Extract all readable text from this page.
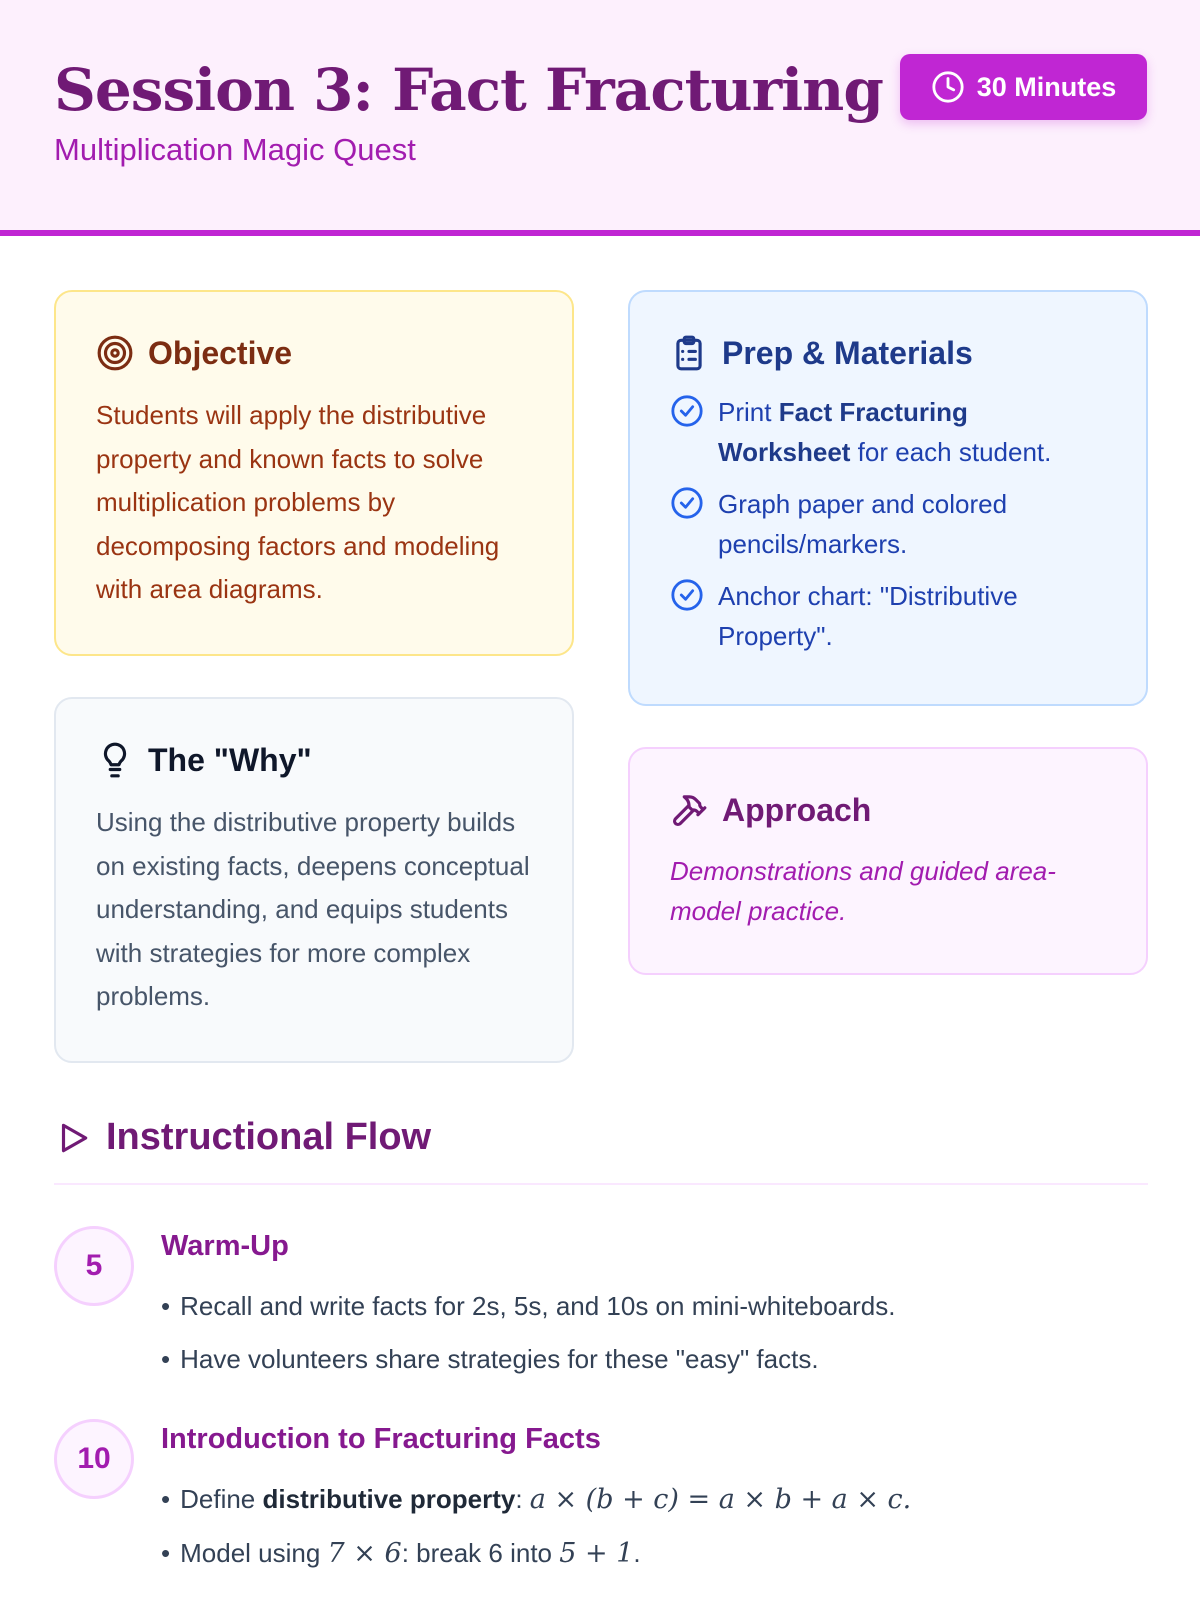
Session 3: Fact Fracturing
Multiplication Magic Quest
30 Minutes
Objective

Students will apply the distributive property and known facts to solve multiplication problems by decomposing factors and modeling with area diagrams.

Prep & Materials
Print Fact Fracturing Worksheet for each student.
Graph paper and colored pencils/markers.
Anchor chart: "Distributive Property".
The "Why"

Using the distributive property builds on existing facts, deepens conceptual understanding, and equips students with strategies for more complex problems.

Approach

Demonstrations and guided area-model practice.

Instructional Flow
5
Warm-Up
• Recall and write facts for 2s, 5s, and 10s on mini-whiteboards.
• Have volunteers share strategies for these "easy" facts.
10
Introduction to Fracturing Facts
• Define distributive property: a × (b + c) = a × b + a × c.
• Model using 7 × 6: break 6 into 5 + 1.
